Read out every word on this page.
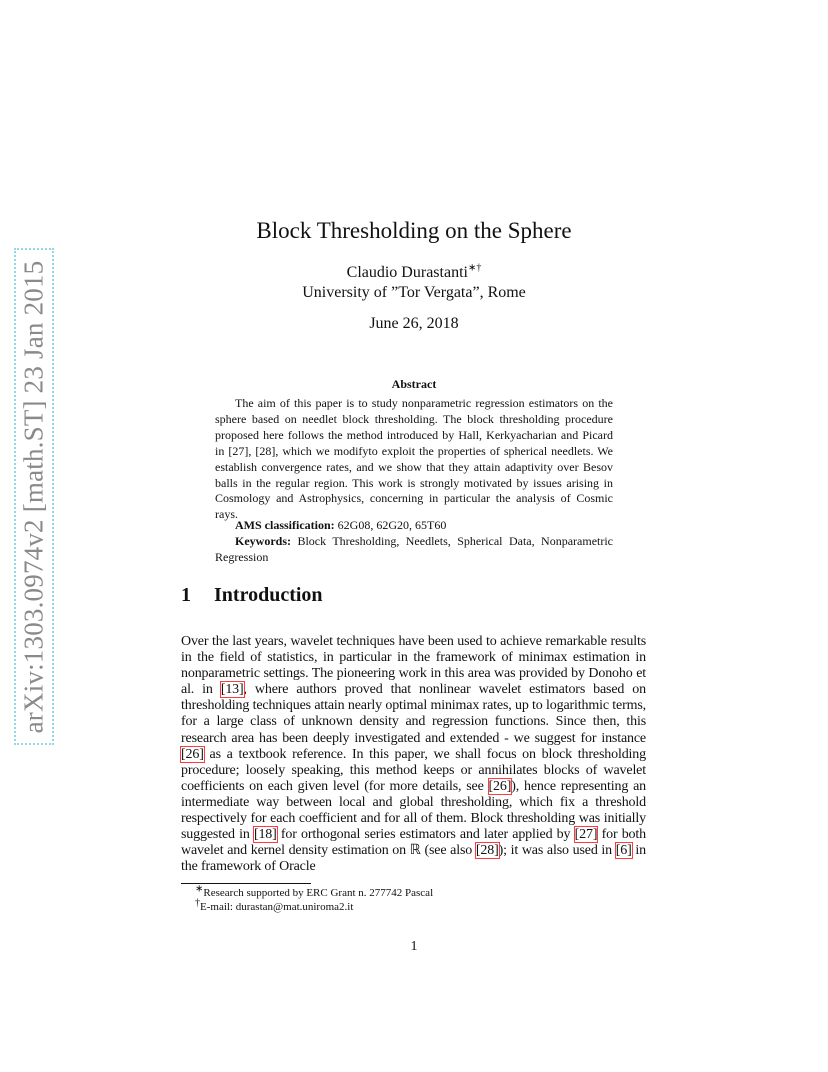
arXiv:1303.0974v2 [math.ST] 23 Jan 2015
Block Thresholding on the Sphere
Claudio Durastanti∗†
University of ”Tor Vergata”, Rome
June 26, 2018
Abstract

The aim of this paper is to study nonparametric regression estimators on the sphere based on needlet block thresholding. The block thresholding procedure proposed here follows the method introduced by Hall, Kerkyacharian and Picard in [27], [28], which we modifyto exploit the properties of spherical needlets. We establish convergence rates, and we show that they attain adaptivity over Besov balls in the regular region. This work is strongly motivated by issues arising in Cosmology and Astrophysics, concerning in particular the analysis of Cosmic rays.

AMS classification: 62G08, 62G20, 65T60

Keywords: Block Thresholding, Needlets, Spherical Data, Nonparametric Regression

1 Introduction

Over the last years, wavelet techniques have been used to achieve remarkable results in the field of statistics, in particular in the framework of minimax estimation in nonparametric settings. The pioneering work in this area was provided by Donoho et al. in [13], where authors proved that nonlinear wavelet estimators based on thresholding techniques attain nearly optimal minimax rates, up to logarithmic terms, for a large class of unknown density and regression functions. Since then, this research area has been deeply investigated and extended - we suggest for instance [26] as a textbook reference. In this paper, we shall focus on block thresholding procedure; loosely speaking, this method keeps or annihilates blocks of wavelet coefficients on each given level (for more details, see [26]), hence representing an intermediate way between local and global thresholding, which fix a threshold respectively for each coefficient and for all of them. Block thresholding was initially suggested in [18] for orthogonal series estimators and later applied by [27] for both wavelet and kernel density estimation on ℝ (see also [28]); it was also used in [6] in the framework of Oracle

∗Research supported by ERC Grant n. 277742 Pascal
†E-mail: durastan@mat.uniroma2.it
1
